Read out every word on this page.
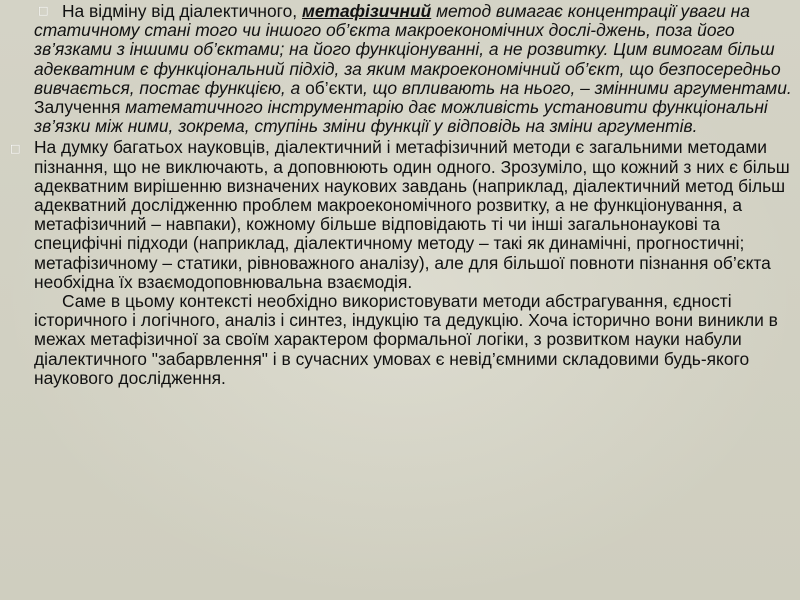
□ На відміну від діалектичного, метафізичний метод вимагає концентрації уваги на статичному стані того чи іншого об’єкта макроекономічних дослі-джень, поза його зв’язками з іншими об’єктами; на його функціонуванні, а не розвитку. Цим вимогам більш адекватним є функціональний підхід, за яким макроекономічний об’єкт, що безпосередньо вивчається, постає функцією, а об’єкти, що впливають на нього, – змінними аргументами. Залучення математичного інструментарію дає можливість установити функціональні зв’язки між ними, зокрема, ступінь зміни функції у відповідь на зміни аргументів.

□ На думку багатьох науковців, діалектичний і метафізичний методи є загальними методами пізнання, що не виключають, а доповнюють один одного. Зрозуміло, що кожний з них є більш адекватним вирішенню визначених наукових завдань (наприклад, діалектичний метод більш адекватний дослідженню проблем макроекономічного розвитку, а не функціонування, а метафізичний – навпаки), кожному більше відповідають ті чи інші загальнонаукові та специфічні підходи (наприклад, діалектичному методу – такі як динамічні, прогностичні; метафізичному – статики, рівноважного аналізу), але для більшої повноти пізнання об’єкта необхідна їх взаємодоповнювальна взаємодія.

Саме в цьому контексті необхідно використовувати методи абстрагування, єдності історичного і логічного, аналіз і синтез, індукцію та дедукцію. Хоча історично вони виникли в межах метафізичної за своїм характером формальної логіки, з розвитком науки набули діалектичного "забарвлення" і в сучасних умовах є невід’ємними складовими будь-якого наукового дослідження.
